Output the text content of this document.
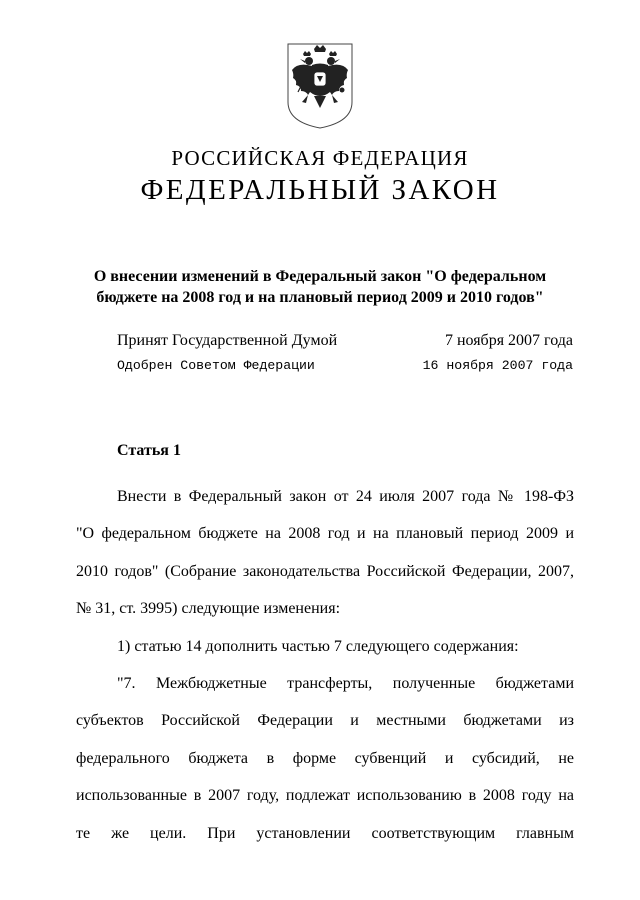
РОССИЙСКАЯ ФЕДЕРАЦИЯ
ФЕДЕРАЛЬНЫЙ ЗАКОН
О внесении изменений в Федеральный закон "О федеральном
бюджете на 2008 год и на плановый период 2009 и 2010 годов"
Принят Государственной Думой	7 ноября 2007 года
Одобрен Советом Федерации	16 ноября 2007 года
Статья 1
Внести в Федеральный закон от 24 июля 2007 года № 198-ФЗ
"О федеральном бюджете на 2008 год и на плановый период 2009 и
2010 годов" (Собрание законодательства Российской Федерации, 2007,
№ 31, ст. 3995) следующие изменения:
1) статью 14 дополнить частью 7 следующего содержания:
"7. Межбюджетные трансферты, полученные бюджетами
субъектов Российской Федерации и местными бюджетами из
федерального бюджета в форме субвенций и субсидий, не
использованные в 2007 году, подлежат использованию в 2008 году на
те же цели. При установлении соответствующим главным
